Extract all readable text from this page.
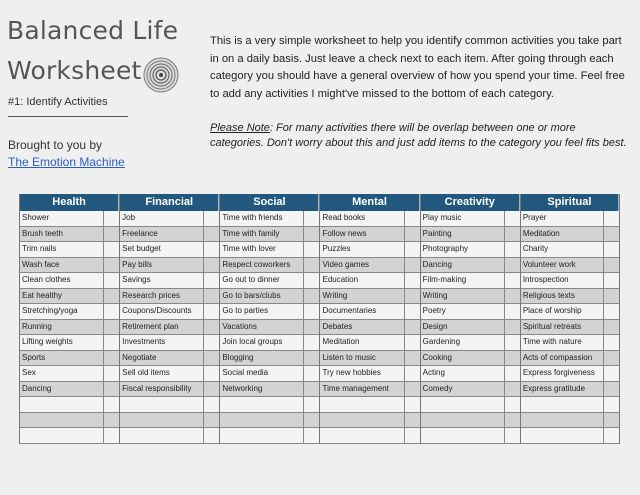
Balanced Life
Worksheet
#1: Identify Activities
Brought to you by
The Emotion Machine
This is a very simple worksheet to help you identify common activities you take part in on a daily basis. Just leave a check next to each item. After going through each category you should have a general overview of how you spend your time. Feel free to add any activities I might've missed to the bottom of each category.
Please Note: For many activities there will be overlap between one or more categories. Don't worry about this and just add items to the category you feel fits best.
Health
Shower
Brush teeth
Trim nails
Wash face
Clean clothes
Eat healthy
Stretching/yoga
Running
Lifting weights
Sports
Sex
Dancing
Financial
Job
Freelance
Set budget
Pay bills
Savings
Research prices
Coupons/Discounts
Retirement plan
Investments
Negotiate
Sell old items
Fiscal responsibility
Social
Time with friends
Time with family
Time with lover
Respect coworkers
Go out to dinner
Go to bars/clubs
Go to parties
Vacations
Join local groups
Blogging
Social media
Networking
Mental
Read books
Follow news
Puzzles
Video games
Education
Writing
Documentaries
Debates
Meditation
Listen to music
Try new hobbies
Time management
Creativity
Play music
Painting
Photography
Dancing
Film-making
Writing
Poetry
Design
Gardening
Cooking
Acting
Comedy
Spiritual
Prayer
Meditation
Charity
Volunteer work
Introspection
Religious texts
Place of worship
Spiritual retreats
Time with nature
Acts of compassion
Express forgiveness
Express gratitude
